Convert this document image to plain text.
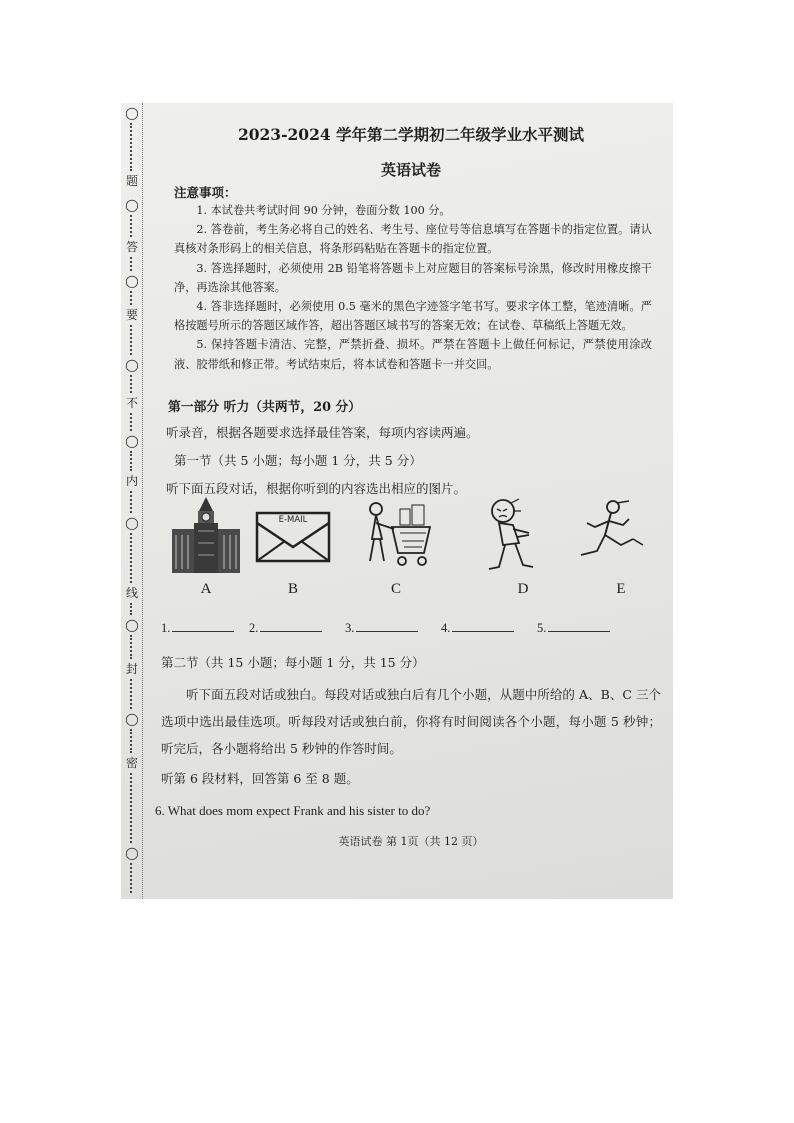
◯
题
◯
答
◯
要
◯
不
◯
内
◯
线
◯
封
◯
密
◯
2023-2024 学年第二学期初二年级学业水平测试
英语试卷
注意事项：
1. 本试卷共考试时间 90 分钟，卷面分数 100 分。
2. 答卷前，考生务必将自己的姓名、考生号、座位号等信息填写在答题卡的指定位置。请认真核对条形码上的相关信息，将条形码粘贴在答题卡的指定位置。
3. 答选择题时，必须使用 2B 铅笔将答题卡上对应题目的答案标号涂黑，修改时用橡皮擦干净，再选涂其他答案。
4. 答非选择题时，必须使用 0.5 毫米的黑色字迹签字笔书写。要求字体工整，笔迹清晰。严格按题号所示的答题区域作答，超出答题区域书写的答案无效；在试卷、草稿纸上答题无效。
5. 保持答题卡清洁、完整，严禁折叠、损坏。严禁在答题卡上做任何标记，严禁使用涂改液、胶带纸和修正带。考试结束后，将本试卷和答题卡一并交回。
第一部分 听力（共两节，20 分）
听录音，根据各题要求选择最佳答案，每项内容读两遍。
第一节（共 5 小题；每小题 1 分，共 5 分）
听下面五段对话，根据你听到的内容选出相应的图片。
E-MAIL
A	B	C	D	E
1.	2.	3.	4.	5.
第二节（共 15 小题；每小题 1 分，共 15 分）
听下面五段对话或独白。每段对话或独白后有几个小题，从题中所给的 A、B、C 三个选项中选出最佳选项。听每段对话或独白前，你将有时间阅读各个小题，每小题 5 秒钟；听完后，各小题将给出 5 秒钟的作答时间。
听第 6 段材料，回答第 6 至 8 题。
6. What does mom expect Frank and his sister to do?
英语试卷 第 1页（共 12 页）
